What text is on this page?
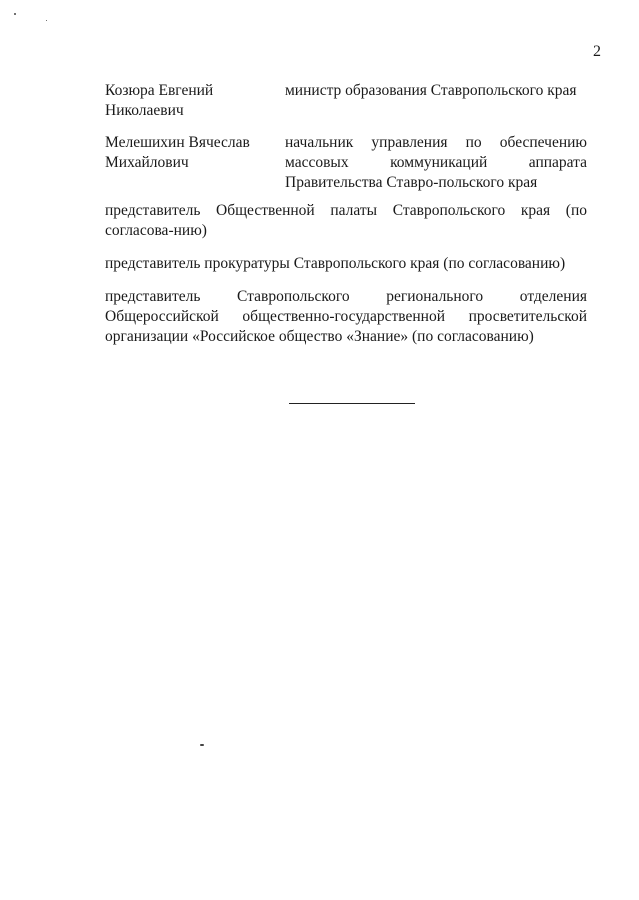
2
Козюра Евгений
Николаевич
министр образования Ставропольского края
Мелешихин Вячеслав
Михайлович
начальник управления по обеспечению массовых коммуникаций аппарата Правительства Ставро-польского края
представитель Общественной палаты Ставропольского края (по согласова-нию)
представитель прокуратуры Ставропольского края (по согласованию)
представитель Ставропольского регионального отделения Общероссийской общественно-государственной просветительской организации «Российское общество «Знание» (по согласованию)
